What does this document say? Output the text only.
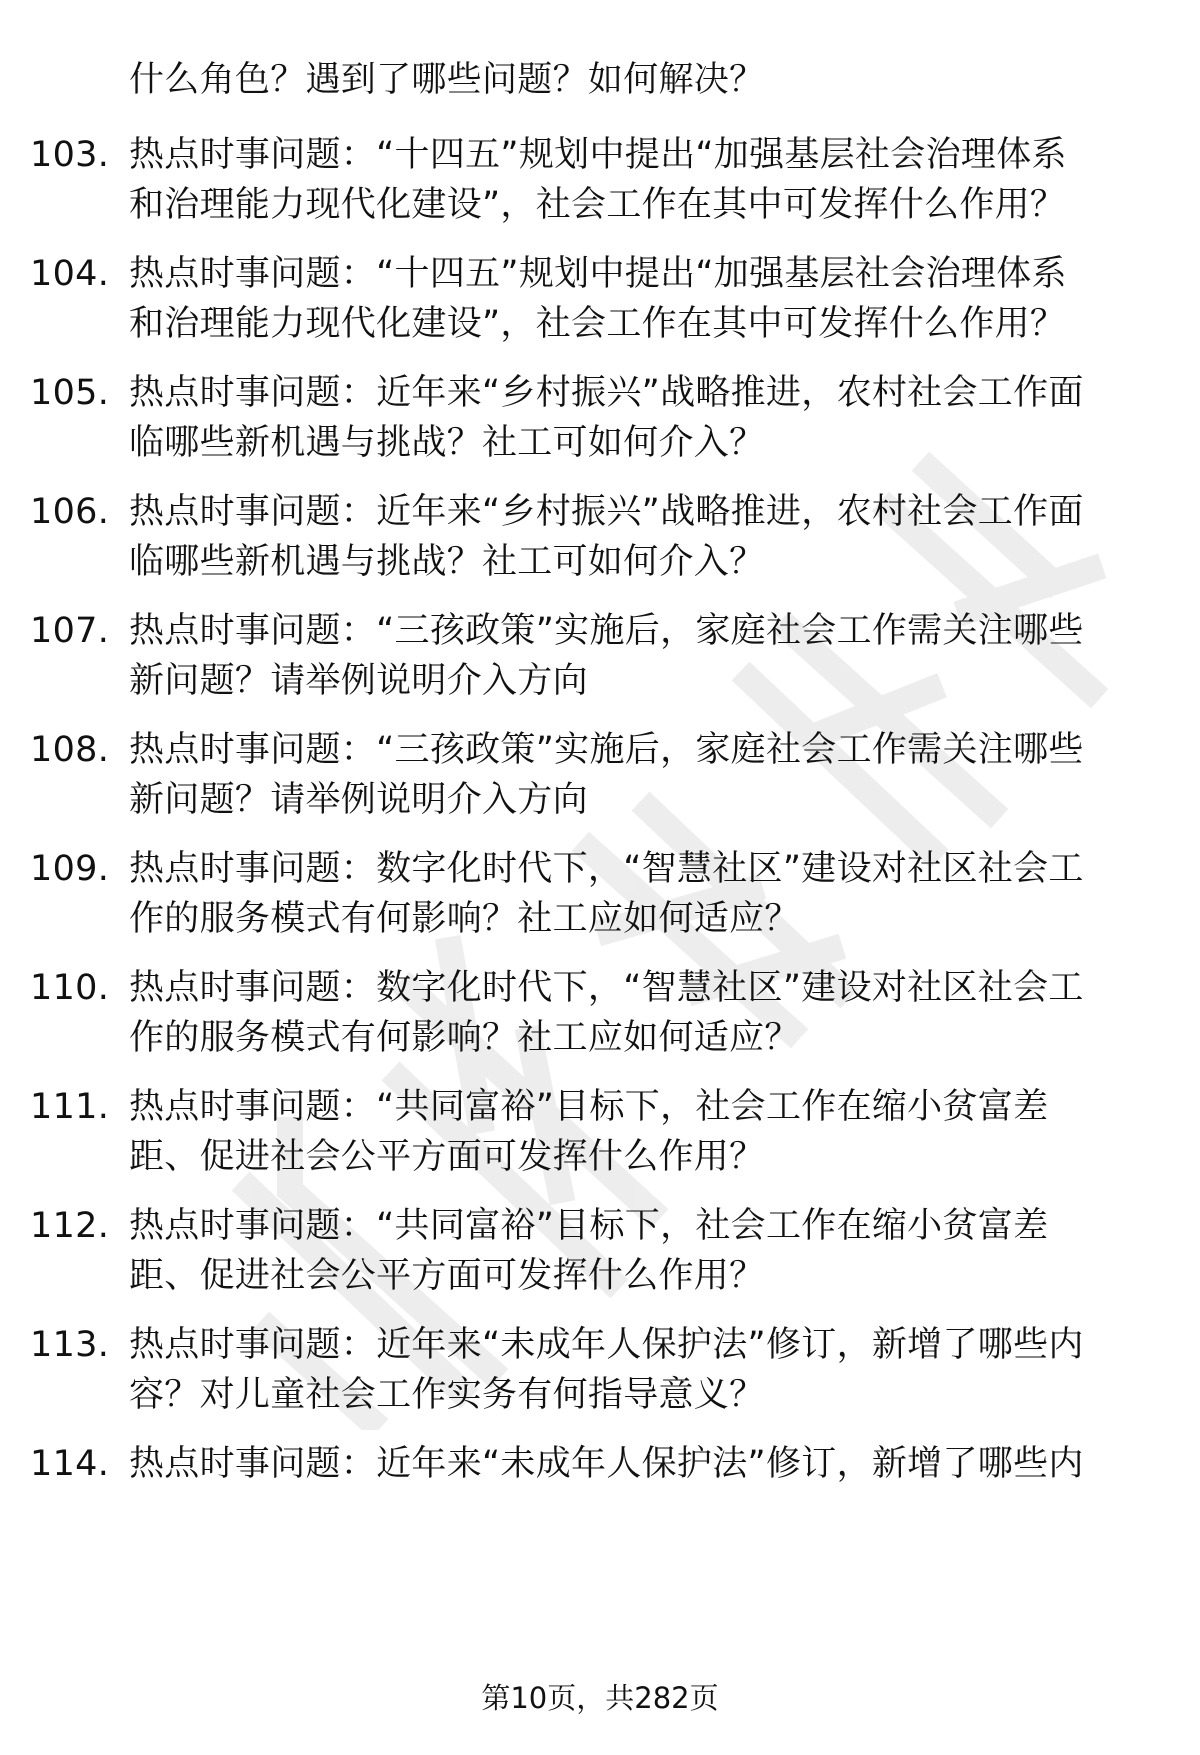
什么角色？遇到了哪些问题？如何解决？
103. 热点时事问题：“十四五”规划中提出“加强基层社会治理体系
和治理能力现代化建设”，社会工作在其中可发挥什么作用？
104. 热点时事问题：“十四五”规划中提出“加强基层社会治理体系
和治理能力现代化建设”，社会工作在其中可发挥什么作用？
105. 热点时事问题：近年来“乡村振兴”战略推进，农村社会工作面
临哪些新机遇与挑战？社工可如何介入？
106. 热点时事问题：近年来“乡村振兴”战略推进，农村社会工作面
临哪些新机遇与挑战？社工可如何介入？
107. 热点时事问题：“三孩政策”实施后，家庭社会工作需关注哪些
新问题？请举例说明介入方向
108. 热点时事问题：“三孩政策”实施后，家庭社会工作需关注哪些
新问题？请举例说明介入方向
109. 热点时事问题：数字化时代下，“智慧社区”建设对社区社会工
作的服务模式有何影响？社工应如何适应？
110. 热点时事问题：数字化时代下，“智慧社区”建设对社区社会工
作的服务模式有何影响？社工应如何适应？
111. 热点时事问题：“共同富裕”目标下，社会工作在缩小贫富差
距、促进社会公平方面可发挥什么作用？
112. 热点时事问题：“共同富裕”目标下，社会工作在缩小贫富差
距、促进社会公平方面可发挥什么作用？
113. 热点时事问题：近年来“未成年人保护法”修订，新增了哪些内
容？对儿童社会工作实务有何指导意义？
114. 热点时事问题：近年来“未成年人保护法”修订，新增了哪些内
第10页，共282页
